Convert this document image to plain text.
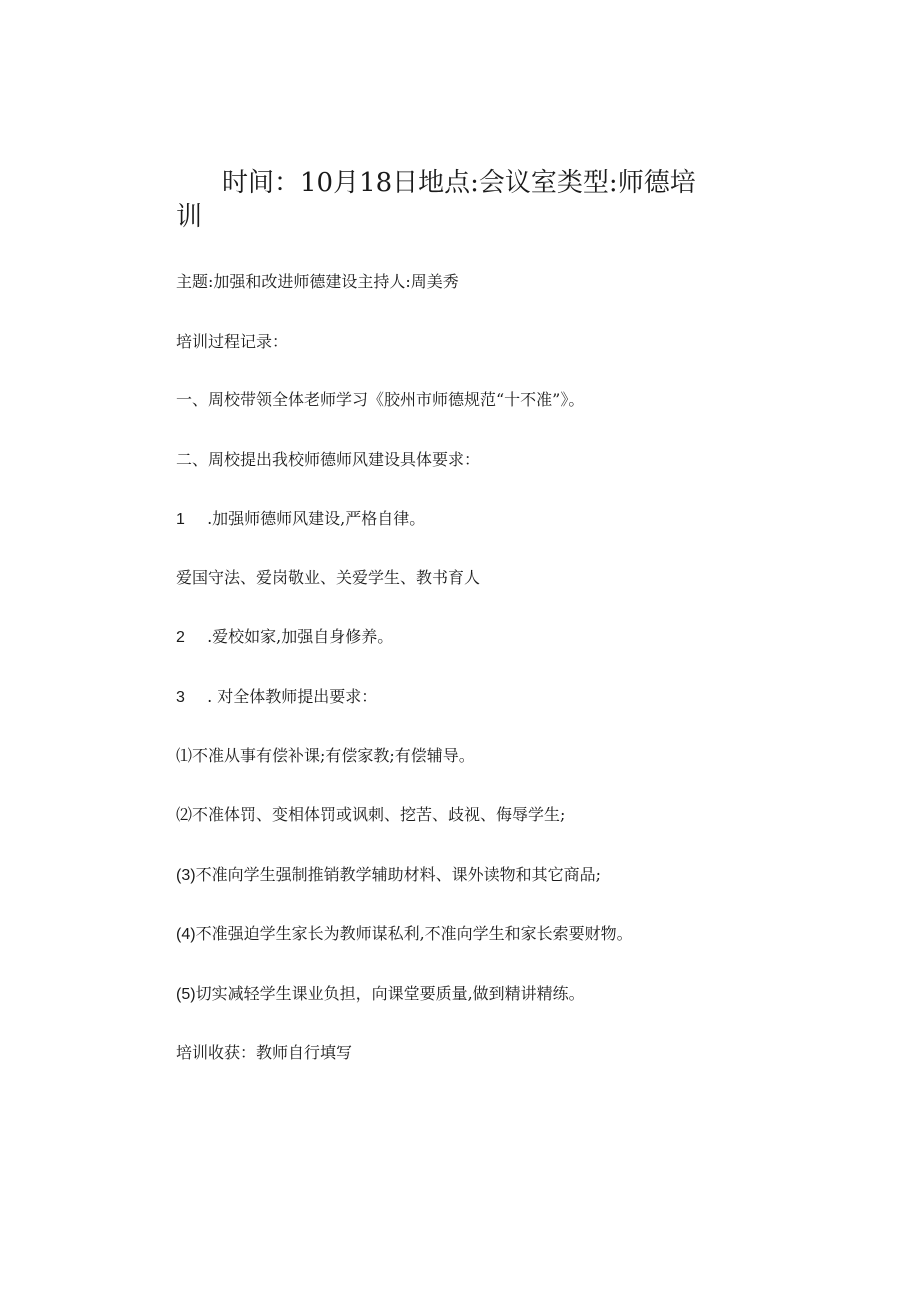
时间：10月18日地点:会议室类型:师德培训
主题:加强和改进师德建设主持人:周美秀
培训过程记录：
一、周校带领全体老师学习《胶州市师德规范“十不准”》。
二、周校提出我校师德师风建设具体要求：
1 .加强师德师风建设,严格自律。
爱国守法、爱岗敬业、关爱学生、教书育人
2 .爱校如家,加强自身修养。
3 . 对全体教师提出要求：
⑴不准从事有偿补课;有偿家教;有偿辅导。
⑵不准体罚、变相体罚或讽刺、挖苦、歧视、侮辱学生;
(3)不准向学生强制推销教学辅助材料、课外读物和其它商品;
(4)不准强迫学生家长为教师谋私利,不准向学生和家长索要财物。
(5)切实减轻学生课业负担，向课堂要质量,做到精讲精练。
培训收获：教师自行填写
